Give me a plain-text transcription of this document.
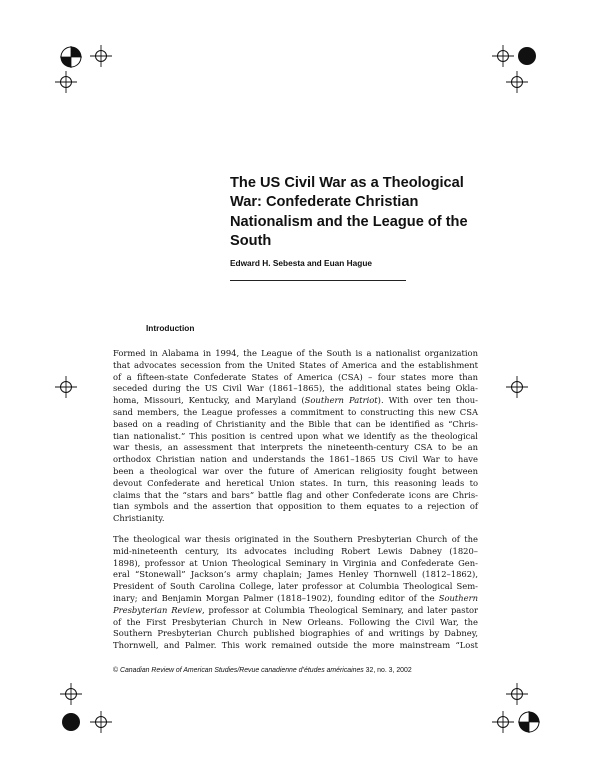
The US Civil War as a Theological
War: Confederate Christian
Nationalism and the League of the
South
Edward H. Sebesta and Euan Hague
Introduction
Formed in Alabama in 1994, the League of the South is a nationalist organization
that advocates secession from the United States of America and the establishment
of a fifteen-state Confederate States of America (CSA) – four states more than
seceded during the US Civil War (1861–1865), the additional states being Okla-
homa, Missouri, Kentucky, and Maryland (Southern Patriot). With over ten thou-
sand members, the League professes a commitment to constructing this new CSA
based on a reading of Christianity and the Bible that can be identified as “Chris-
tian nationalist.” This position is centred upon what we identify as the theological
war thesis, an assessment that interprets the nineteenth-century CSA to be an
orthodox Christian nation and understands the 1861–1865 US Civil War to have
been a theological war over the future of American religiosity fought between
devout Confederate and heretical Union states. In turn, this reasoning leads to
claims that the “stars and bars” battle flag and other Confederate icons are Chris-
tian symbols and the assertion that opposition to them equates to a rejection of
Christianity.
The theological war thesis originated in the Southern Presbyterian Church of the
mid-nineteenth century, its advocates including Robert Lewis Dabney (1820–
1898), professor at Union Theological Seminary in Virginia and Confederate Gen-
eral “Stonewall” Jackson’s army chaplain; James Henley Thornwell (1812–1862),
President of South Carolina College, later professor at Columbia Theological Sem-
inary; and Benjamin Morgan Palmer (1818–1902), founding editor of the Southern
Presbyterian Review, professor at Columbia Theological Seminary, and later pastor
of the First Presbyterian Church in New Orleans. Following the Civil War, the
Southern Presbyterian Church published biographies of and writings by Dabney,
Thornwell, and Palmer. This work remained outside the more mainstream “Lost
© Canadian Review of American Studies/Revue canadienne d’études américaines 32, no. 3, 2002
